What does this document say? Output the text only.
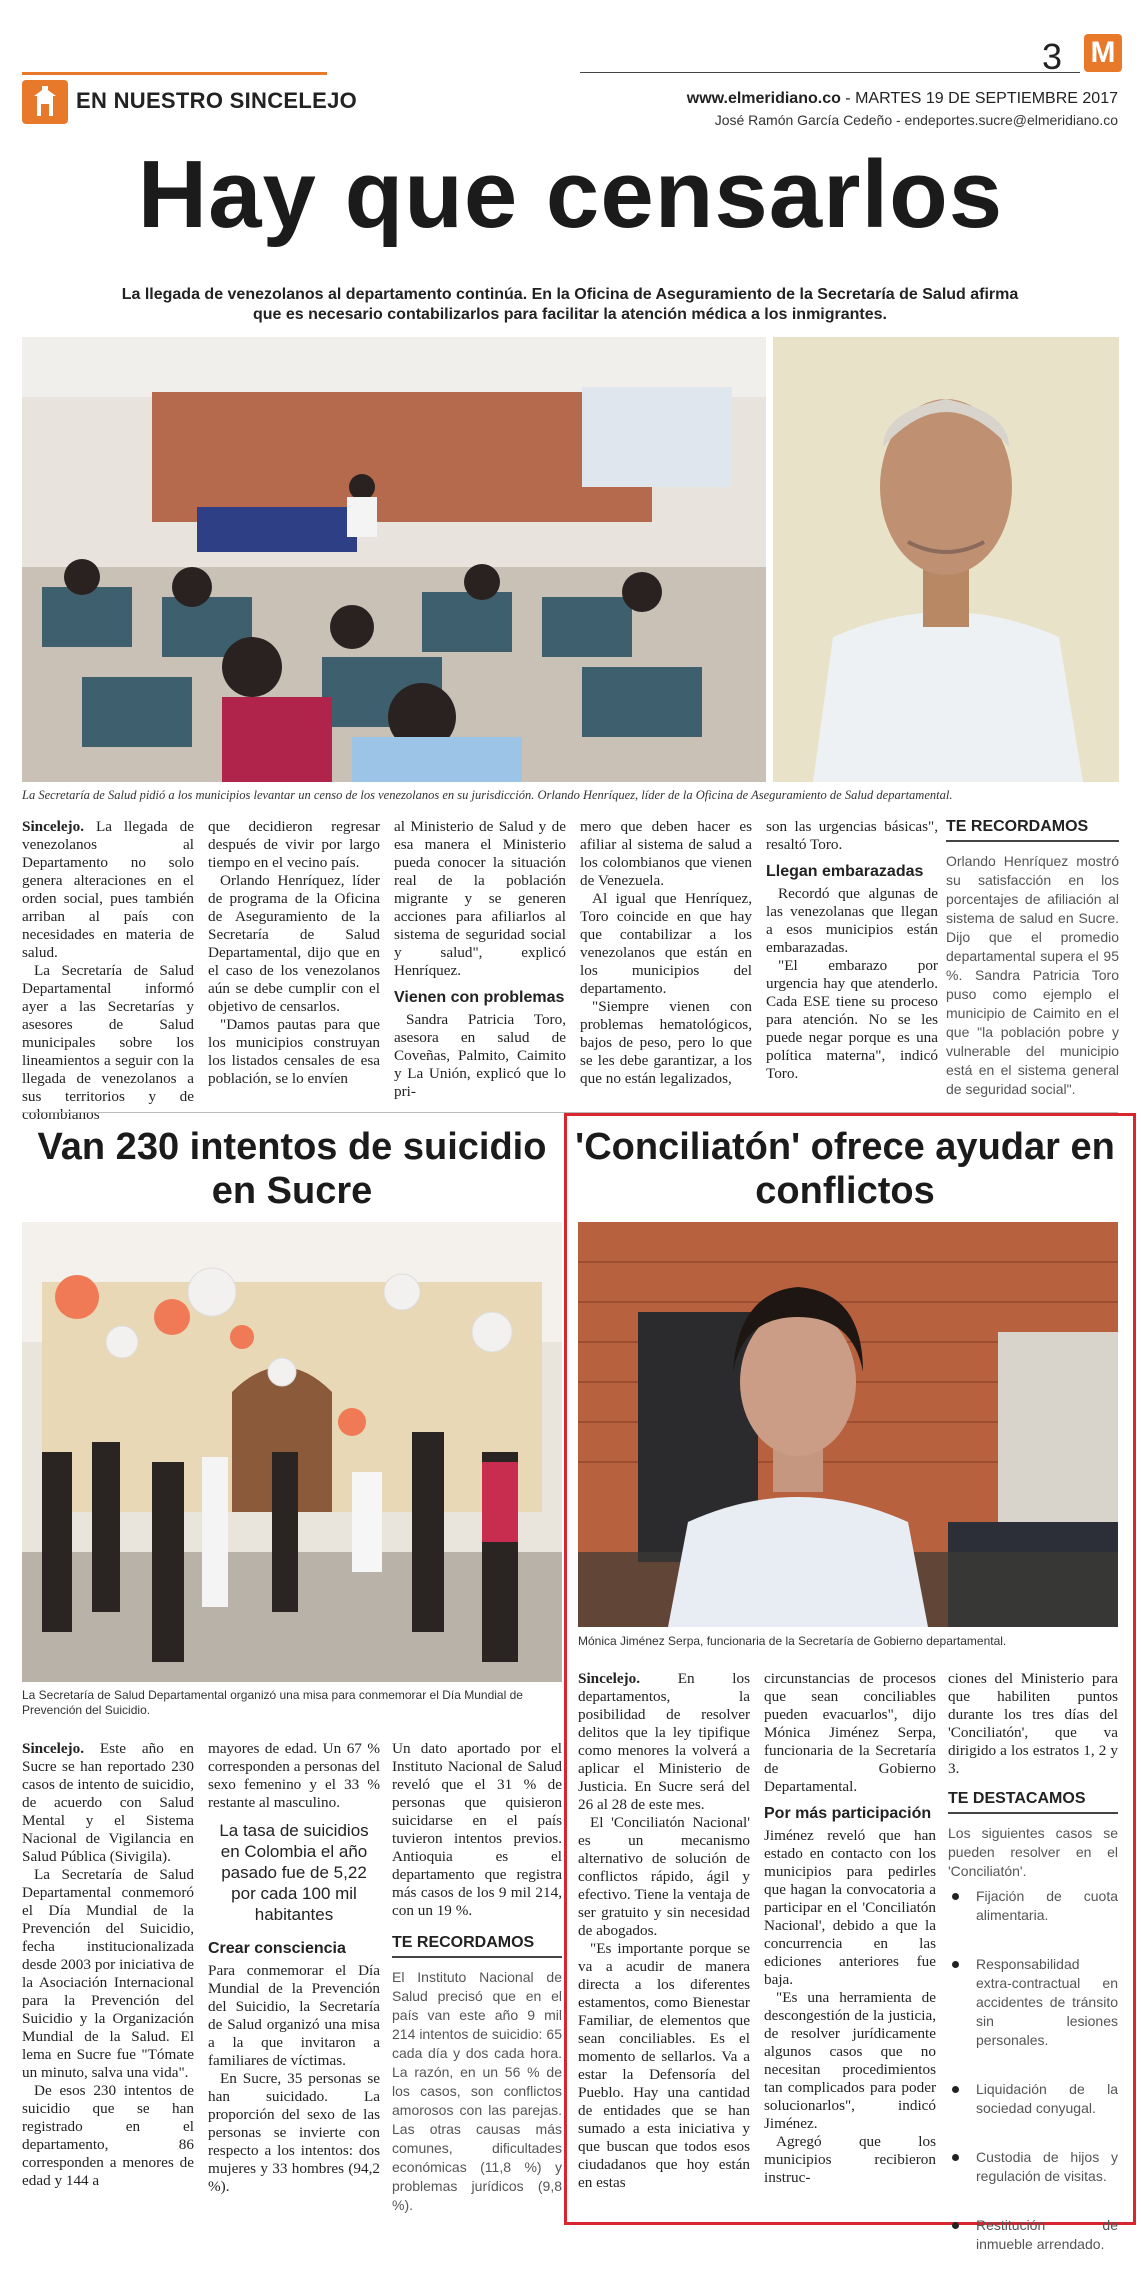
EN NUESTRO SINCELEJO
3 M
www.elmeridiano.co - MARTES 19 DE SEPTIEMBRE 2017
José Ramón García Cedeño - endeportes.sucre@elmeridiano.co
Hay que censarlos
La llegada de venezolanos al departamento continúa. En la Oficina de Aseguramiento de la Secretaría de Salud afirma que es necesario contabilizarlos para facilitar la atención médica a los inmigrantes.
La Secretaría de Salud pidió a los municipios levantar un censo de los venezolanos en su jurisdicción. Orlando Henríquez, líder de la Oficina de Aseguramiento de Salud departamental.

Sincelejo. La llegada de venezolanos al Departamento no solo genera alteraciones en el orden social, pues también arriban al país con necesidades en materia de salud.

La Secretaría de Salud Departamental informó ayer a las Secretarías y asesores de Salud municipales sobre los lineamientos a seguir con la llegada de venezolanos a sus territorios y de colombianos

que decidieron regresar después de vivir por largo tiempo en el vecino país.

Orlando Henríquez, líder de programa de la Oficina de Aseguramiento de la Secretaría de Salud Departamental, dijo que en el caso de los venezolanos aún se debe cumplir con el objetivo de censarlos.

"Damos pautas para que los municipios construyan los listados censales de esa población, se lo envíen

al Ministerio de Salud y de esa manera el Ministerio pueda conocer la situación real de la población migrante y se generen acciones para afiliarlos al sistema de seguridad social y salud", explicó Henríquez.

Vienen con problemas

Sandra Patricia Toro, asesora en salud de Coveñas, Palmito, Caimito y La Unión, explicó que lo pri-

mero que deben hacer es afiliar al sistema de salud a los colombianos que vienen de Venezuela.

Al igual que Henríquez, Toro coincide en que hay que contabilizar a los venezolanos que están en los municipios del departamento.

"Siempre vienen con problemas hematológicos, bajos de peso, pero lo que se les debe garantizar, a los que no están legalizados,

son las urgencias básicas", resaltó Toro.

Llegan embarazadas

Recordó que algunas de las venezolanas que llegan a esos municipios están embarazadas.

"El embarazo por urgencia hay que atenderlo. Cada ESE tiene su proceso para atención. No se les puede negar porque es una política materna", indicó Toro.

TE RECORDAMOS
Orlando Henríquez mostró su satisfacción en los porcentajes de afiliación al sistema de salud en Sucre. Dijo que el promedio departamental supera el 95 %. Sandra Patricia Toro puso como ejemplo el municipio de Caimito en el que "la población pobre y vulnerable del municipio está en el sistema general de seguridad social".
Van 230 intentos de suicidio en Sucre
La Secretaría de Salud Departamental organizó una misa para conmemorar el Día Mundial de Prevención del Suicidio.

Sincelejo. Este año en Sucre se han reportado 230 casos de intento de suicidio, de acuerdo con Salud Mental y el Sistema Nacional de Vigilancia en Salud Pública (Sivigila).

La Secretaría de Salud Departamental conmemoró el Día Mundial de la Prevención del Suicidio, fecha institucionalizada desde 2003 por iniciativa de la Asociación Internacional para la Prevención del Suicidio y la Organización Mundial de la Salud. El lema en Sucre fue "Tómate un minuto, salva una vida".

De esos 230 intentos de suicidio que se han registrado en el departamento, 86 corresponden a menores de edad y 144 a

mayores de edad. Un 67 % corresponden a personas del sexo femenino y el 33 % restante al masculino.

La tasa de suicidios en Colombia el año pasado fue de 5,22 por cada 100 mil habitantes
Crear consciencia

Para conmemorar el Día Mundial de la Prevención del Suicidio, la Secretaría de Salud organizó una misa a la que invitaron a familiares de víctimas.

En Sucre, 35 personas se han suicidado. La proporción del sexo de las personas se invierte con respecto a los intentos: dos mujeres y 33 hombres (94,2 %).

Un dato aportado por el Instituto Nacional de Salud reveló que el 31 % de personas que quisieron suicidarse en el país tuvieron intentos previos. Antioquia es el departamento que registra más casos de los 9 mil 214, con un 19 %.

TE RECORDAMOS
El Instituto Nacional de Salud precisó que en el país van este año 9 mil 214 intentos de suicidio: 65 cada día y dos cada hora. La razón, en un 56 % de los casos, son conflictos amorosos con las parejas. Las otras causas más comunes, dificultades económicas (11,8 %) y problemas jurídicos (9,8 %).
'Conciliatón' ofrece ayudar en conflictos
Mónica Jiménez Serpa, funcionaria de la Secretaría de Gobierno departamental.

Sincelejo. En los departamentos, la posibilidad de resolver delitos que la ley tipifique como menores la volverá a aplicar el Ministerio de Justicia. En Sucre será del 26 al 28 de este mes.

El 'Conciliatón Nacional' es un mecanismo alternativo de solución de conflictos rápido, ágil y efectivo. Tiene la ventaja de ser gratuito y sin necesidad de abogados.

"Es importante porque se va a acudir de manera directa a los diferentes estamentos, como Bienestar Familiar, de elementos que sean conciliables. Es el momento de sellarlos. Va a estar la Defensoría del Pueblo. Hay una cantidad de entidades que se han sumado a esta iniciativa y que buscan que todos esos ciudadanos que hoy están en estas

circunstancias de procesos que sean conciliables pueden evacuarlos", dijo Mónica Jiménez Serpa, funcionaria de la Secretaría de Gobierno Departamental.

Por más participación

Jiménez reveló que han estado en contacto con los municipios para pedirles que hagan la convocatoria a participar en el 'Conciliatón Nacional', debido a que la concurrencia en las ediciones anteriores fue baja.

"Es una herramienta de descongestión de la justicia, de resolver jurídicamente algunos casos que no necesitan procedimientos tan complicados para poder solucionarlos", indicó Jiménez.

Agregó que los municipios recibieron instruc-

ciones del Ministerio para que habiliten puntos durante los tres días del 'Conciliatón', que va dirigido a los estratos 1, 2 y 3.

TE DESTACAMOS
Los siguientes casos se pueden resolver en el 'Conciliatón'.
Fijación de cuota alimentaria.
Responsabilidad extra-contractual en accidentes de tránsito sin lesiones personales.
Liquidación de la sociedad conyugal.
Custodia de hijos y regulación de visitas.
Restitución de inmueble arrendado.
